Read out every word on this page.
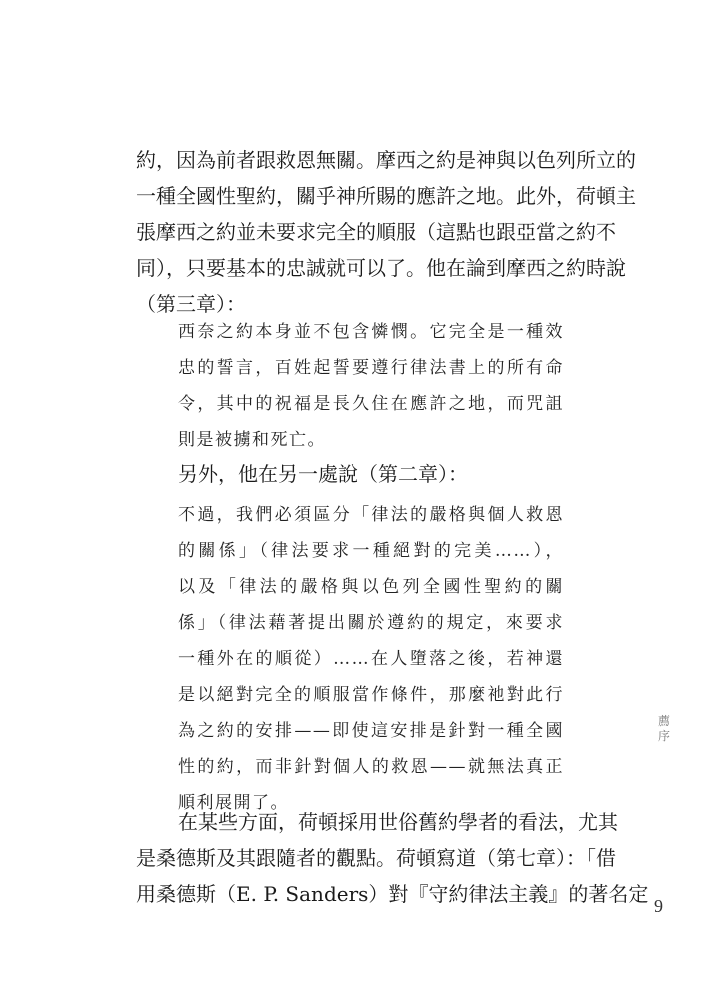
約，因為前者跟救恩無關。摩西之約是神與以色列所立的
一種全國性聖約，關乎神所賜的應許之地。此外，荷頓主
張摩西之約並未要求完全的順服（這點也跟亞當之約不
同），只要基本的忠誠就可以了。他在論到摩西之約時說
（第三章）：
西奈之約本身並不包含憐憫。它完全是一種效
忠的誓言，百姓起誓要遵行律法書上的所有命
令，其中的祝福是長久住在應許之地，而咒詛
則是被擄和死亡。
另外，他在另一處說（第二章）：
不過，我們必須區分「律法的嚴格與個人救恩
的關係」（律法要求一種絕對的完美……），
以及「律法的嚴格與以色列全國性聖約的關
係」（律法藉著提出關於遵約的規定，來要求
一種外在的順從）……在人墮落之後，若神還
是以絕對完全的順服當作條件，那麼祂對此行
為之約的安排——即使這安排是針對一種全國
性的約，而非針對個人的救恩——就無法真正
順利展開了。
在某些方面，荷頓採用世俗舊約學者的看法，尤其
是桑德斯及其跟隨者的觀點。荷頓寫道（第七章）：「借
用桑德斯（E. P. Sanders）對『守約律法主義』的著名定
薦
序
9
